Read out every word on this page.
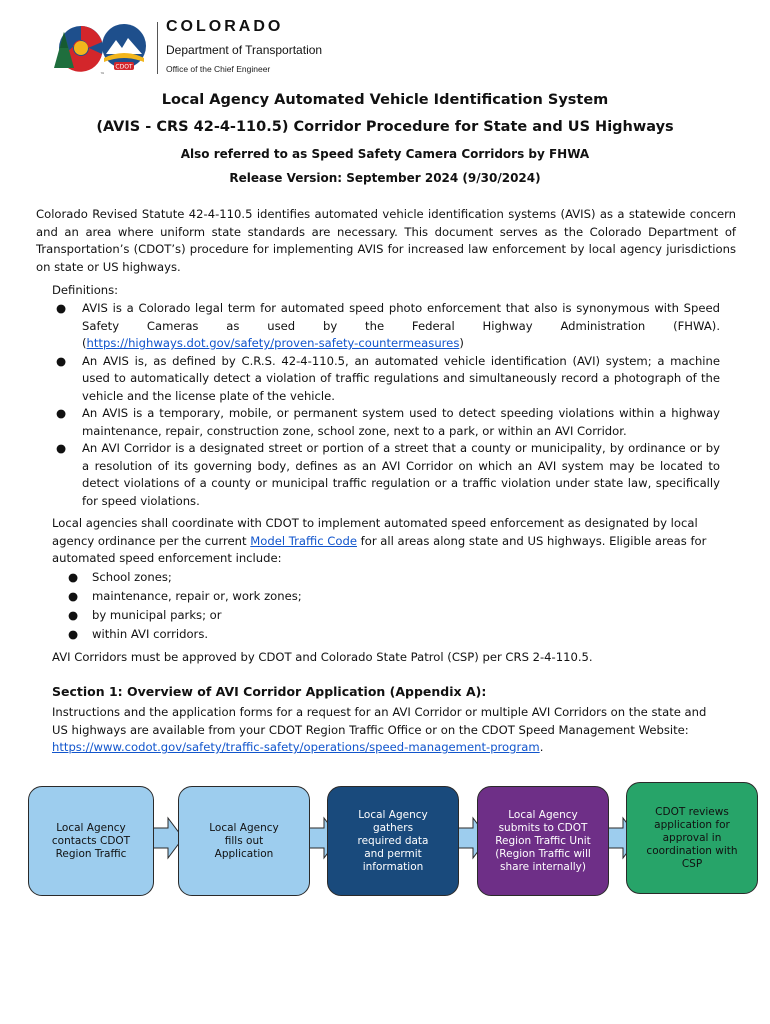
CDOT
™
COLORADO
Department of Transportation
Office of the Chief Engineer
Local Agency Automated Vehicle Identification System
(AVIS - CRS 42-4-110.5) Corridor Procedure for State and US Highways
Also referred to as Speed Safety Camera Corridors by FHWA
Release Version: September 2024 (9/30/2024)
Colorado Revised Statute 42-4-110.5 identifies automated vehicle identification systems (AVIS) as a statewide concern and an area where uniform state standards are necessary. This document serves as the Colorado Department of Transportation’s (CDOT’s) procedure for implementing AVIS for increased law enforcement by local agency jurisdictions on state or US highways.
Definitions:
● AVIS is a Colorado legal term for automated speed photo enforcement that also is synonymous with Speed Safety Cameras as used by the Federal Highway Administration (FHWA). (https://highways.dot.gov/safety/proven-safety-countermeasures)
● An AVIS is, as defined by C.R.S. 42-4-110.5, an automated vehicle identification (AVI) system; a machine used to automatically detect a violation of traffic regulations and simultaneously record a photograph of the vehicle and the license plate of the vehicle.
● An AVIS is a temporary, mobile, or permanent system used to detect speeding violations within a highway maintenance, repair, construction zone, school zone, next to a park, or within an AVI Corridor.
● An AVI Corridor is a designated street or portion of a street that a county or municipality, by ordinance or by a resolution of its governing body, defines as an AVI Corridor on which an AVI system may be located to detect violations of a county or municipal traffic regulation or a traffic violation under state law, specifically for speed violations.
Local agencies shall coordinate with CDOT to implement automated speed enforcement as designated by local agency ordinance per the current Model Traffic Code for all areas along state and US highways. Eligible areas for automated speed enforcement include:
● School zones;
● maintenance, repair or, work zones;
● by municipal parks; or
● within AVI corridors.
AVI Corridors must be approved by CDOT and Colorado State Patrol (CSP) per CRS 2-4-110.5.
Section 1: Overview of AVI Corridor Application (Appendix A):
Instructions and the application forms for a request for an AVI Corridor or multiple AVI Corridors on the state and US highways are available from your CDOT Region Traffic Office or on the CDOT Speed Management Website: https://www.codot.gov/safety/traffic-safety/operations/speed-management-program.
Local Agency contacts CDOT Region Traffic
Local Agency fills out Application
Local Agency gathers required data and permit information
Local Agency submits to CDOT Region Traffic Unit (Region Traffic will share internally)
CDOT reviews application for approval in coordination with CSP
